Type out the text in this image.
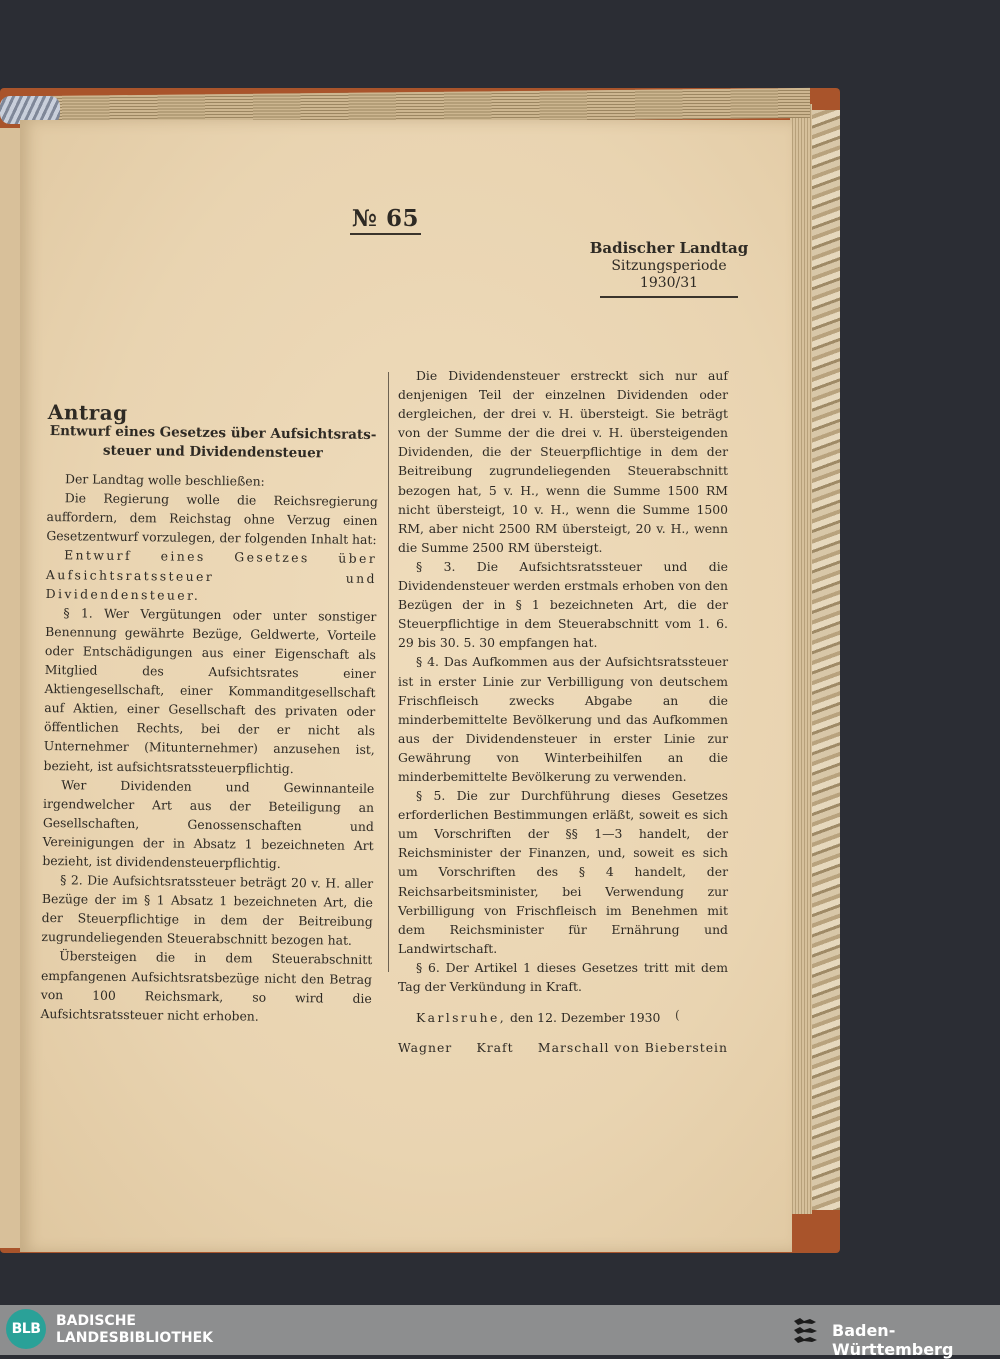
№ 65
Badischer Landtag
Sitzungsperiode
1930/31

Antrag

Entwurf eines Gesetzes über Aufsichtsrats-
steuer und Dividendensteuer

Der Landtag wolle beschließen:

Die Regierung wolle die Reichsregierung auffordern, dem Reichstag ohne Verzug einen Gesetzentwurf vorzulegen, der folgenden Inhalt hat:

Entwurf eines Gesetzes über Aufsichtsratssteuer und Dividendensteuer.

§ 1. Wer Vergütungen oder unter sonstiger Benennung gewährte Bezüge, Geldwerte, Vorteile oder Entschädigungen aus einer Eigenschaft als Mitglied des Aufsichtsrates einer Aktiengesellschaft, einer Kommanditgesellschaft auf Aktien, einer Gesellschaft des privaten oder öffentlichen Rechts, bei der er nicht als Unternehmer (Mitunternehmer) anzusehen ist, bezieht, ist aufsichtsratssteuerpflichtig.

Wer Dividenden und Gewinnanteile irgendwelcher Art aus der Beteiligung an Gesellschaften, Genossenschaften und Vereinigungen der in Absatz 1 bezeichneten Art bezieht, ist dividendensteuerpflichtig.

§ 2. Die Aufsichtsratssteuer beträgt 20 v. H. aller Bezüge der im § 1 Absatz 1 bezeichneten Art, die der Steuerpflichtige in dem der Beitreibung zugrundeliegenden Steuerabschnitt bezogen hat.

Übersteigen die in dem Steuerabschnitt empfangenen Aufsichtsratsbezüge nicht den Betrag von 100 Reichsmark, so wird die Aufsichtsratssteuer nicht erhoben.

Die Dividendensteuer erstreckt sich nur auf denjenigen Teil der einzelnen Dividenden oder dergleichen, der drei v. H. übersteigt. Sie beträgt von der Summe der die drei v. H. übersteigenden Dividenden, die der Steuerpflichtige in dem der Beitreibung zugrundeliegenden Steuerabschnitt bezogen hat, 5 v. H., wenn die Summe 1500 RM nicht übersteigt, 10 v. H., wenn die Summe 1500 RM, aber nicht 2500 RM übersteigt, 20 v. H., wenn die Summe 2500 RM übersteigt.

§ 3. Die Aufsichtsratssteuer und die Dividendensteuer werden erstmals erhoben von den Bezügen der in § 1 bezeichneten Art, die der Steuerpflichtige in dem Steuerabschnitt vom 1. 6. 29 bis 30. 5. 30 empfangen hat.

§ 4. Das Aufkommen aus der Aufsichtsratssteuer ist in erster Linie zur Verbilligung von deutschem Frischfleisch zwecks Abgabe an die minderbemittelte Bevölkerung und das Aufkommen aus der Dividendensteuer in erster Linie zur Gewährung von Winterbeihilfen an die minderbemittelte Bevölkerung zu verwenden.

§ 5. Die zur Durchführung dieses Gesetzes erforderlichen Bestimmungen erläßt, soweit es sich um Vorschriften der §§ 1—3 handelt, der Reichsminister der Finanzen, und, soweit es sich um Vorschriften des § 4 handelt, der Reichsarbeitsminister, bei Verwendung zur Verbilligung von Frischfleisch im Benehmen mit dem Reichsminister für Ernährung und Landwirtschaft.

§ 6. Der Artikel 1 dieses Gesetzes tritt mit dem Tag der Verkündung in Kraft.

Karlsruhe, den 12. Dezember 1930

Wagner Kraft Marschall von Bieberstein
(
BLB	BADISCHE
LANDESBIBLIOTHEK	Baden-Württemberg
